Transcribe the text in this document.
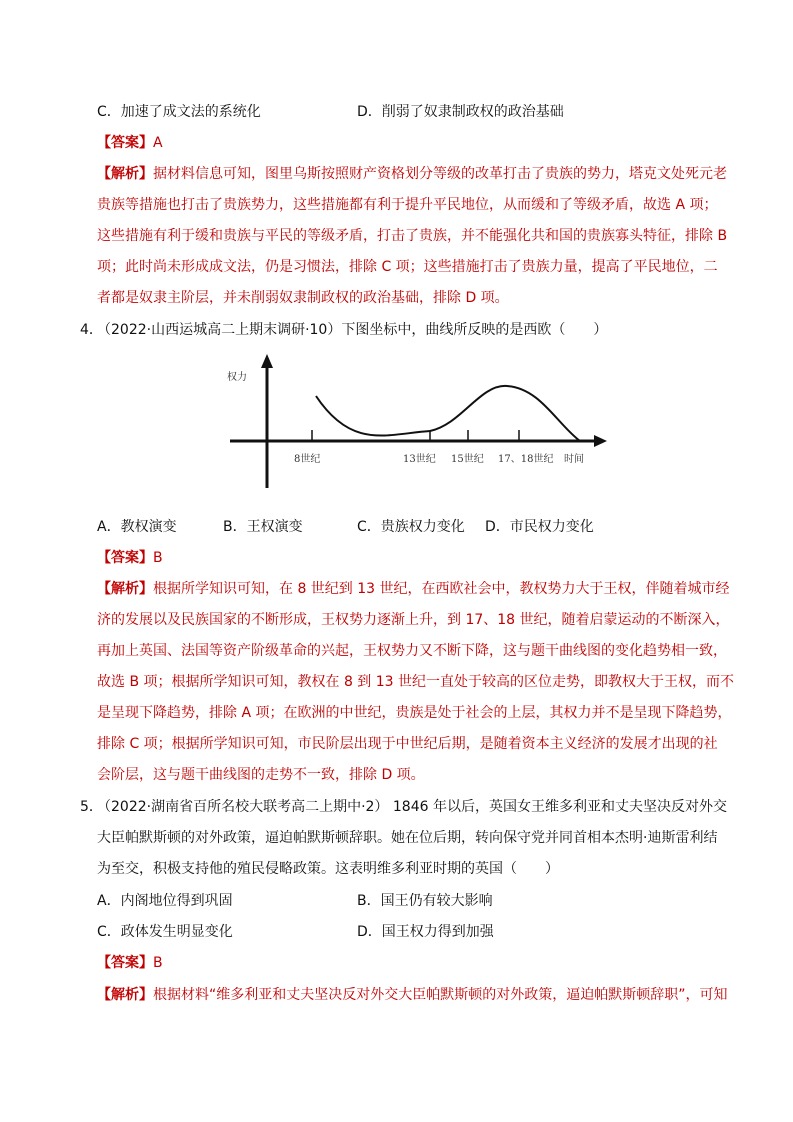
C．加速了成文法的系统化	D．削弱了奴隶制政权的政治基础
【答案】A
【解析】据材料信息可知，图里乌斯按照财产资格划分等级的改革打击了贵族的势力，塔克文处死元老
贵族等措施也打击了贵族势力，这些措施都有利于提升平民地位，从而缓和了等级矛盾，故选 A 项；
这些措施有利于缓和贵族与平民的等级矛盾，打击了贵族，并不能强化共和国的贵族寡头特征，排除 B
项；此时尚未形成成文法，仍是习惯法，排除 C 项；这些措施打击了贵族力量，提高了平民地位，二
者都是奴隶主阶层，并未削弱奴隶制政权的政治基础，排除 D 项。
4．
（2022·山西运城高二上期末调研·10）下图坐标中，曲线所反映的是西欧（　　）
权力
8世纪	13世纪 15世纪 17、18世纪 时间
A．教权演变	B．王权演变	C．贵族权力变化 D．市民权力变化
【答案】B
【解析】根据所学知识可知，在 8 世纪到 13 世纪，在西欧社会中，教权势力大于王权，伴随着城市经
济的发展以及民族国家的不断形成，王权势力逐渐上升，到 17、18 世纪，随着启蒙运动的不断深入，
再加上英国、法国等资产阶级革命的兴起，王权势力又不断下降，这与题干曲线图的变化趋势相一致，
故选 B 项；根据所学知识可知，教权在 8 到 13 世纪一直处于较高的区位走势，即教权大于王权，而不
是呈现下降趋势，排除 A 项；在欧洲的中世纪，贵族是处于社会的上层，其权力并不是呈现下降趋势，
排除 C 项；根据所学知识可知，市民阶层出现于中世纪后期，是随着资本主义经济的发展才出现的社
会阶层，这与题干曲线图的走势不一致，排除 D 项。
5．
（2022·湖南省百所名校大联考高二上期中·2） 1846 年以后，英国女王维多利亚和丈夫坚决反对外交
大臣帕默斯顿的对外政策，逼迫帕默斯顿辞职。她在位后期，转向保守党并同首相本杰明·迪斯雷利结
为至交，积极支持他的殖民侵略政策。这表明维多利亚时期的英国（　　）
A．内阁地位得到巩固	B．国王仍有较大影响
C．政体发生明显变化	D．国王权力得到加强
【答案】B
【解析】根据材料“维多利亚和丈夫坚决反对外交大臣帕默斯顿的对外政策，逼迫帕默斯顿辞职”，可知
